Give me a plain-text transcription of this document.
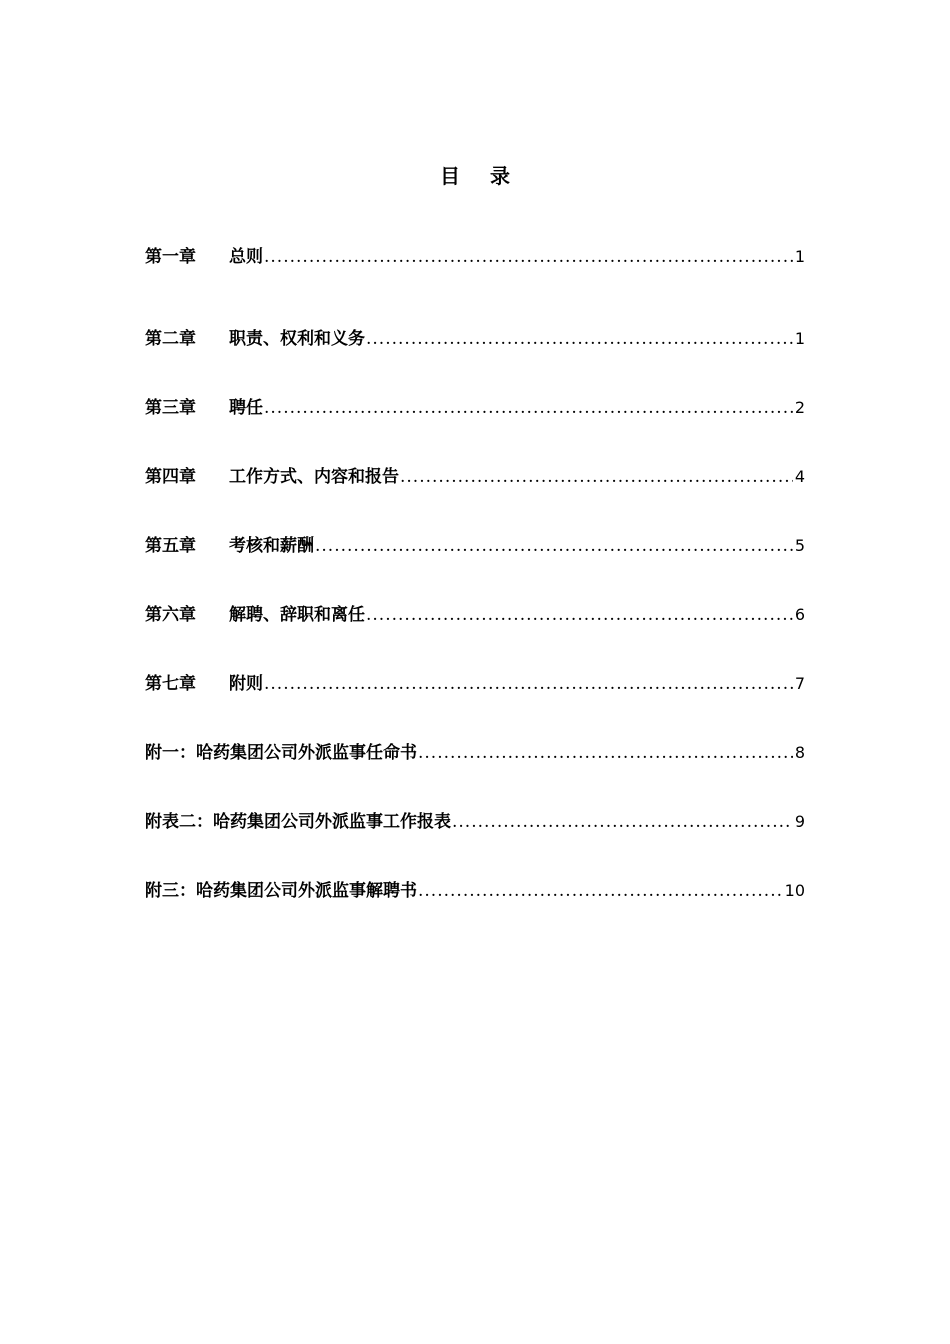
目 录
第一章	总则 .....	1
第二章	职责、权利和义务 .....	1
第三章	聘任 .....	2
第四章	工作方式、内容和报告 .....	4
第五章	考核和薪酬 .....	5
第六章	解聘、辞职和离任 .....	6
第七章	附则 .....	7
附一：哈药集团公司外派监事任命书 .....	8
附表二：哈药集团公司外派监事工作报表 .....	9
附三：哈药集团公司外派监事解聘书 .....	10
